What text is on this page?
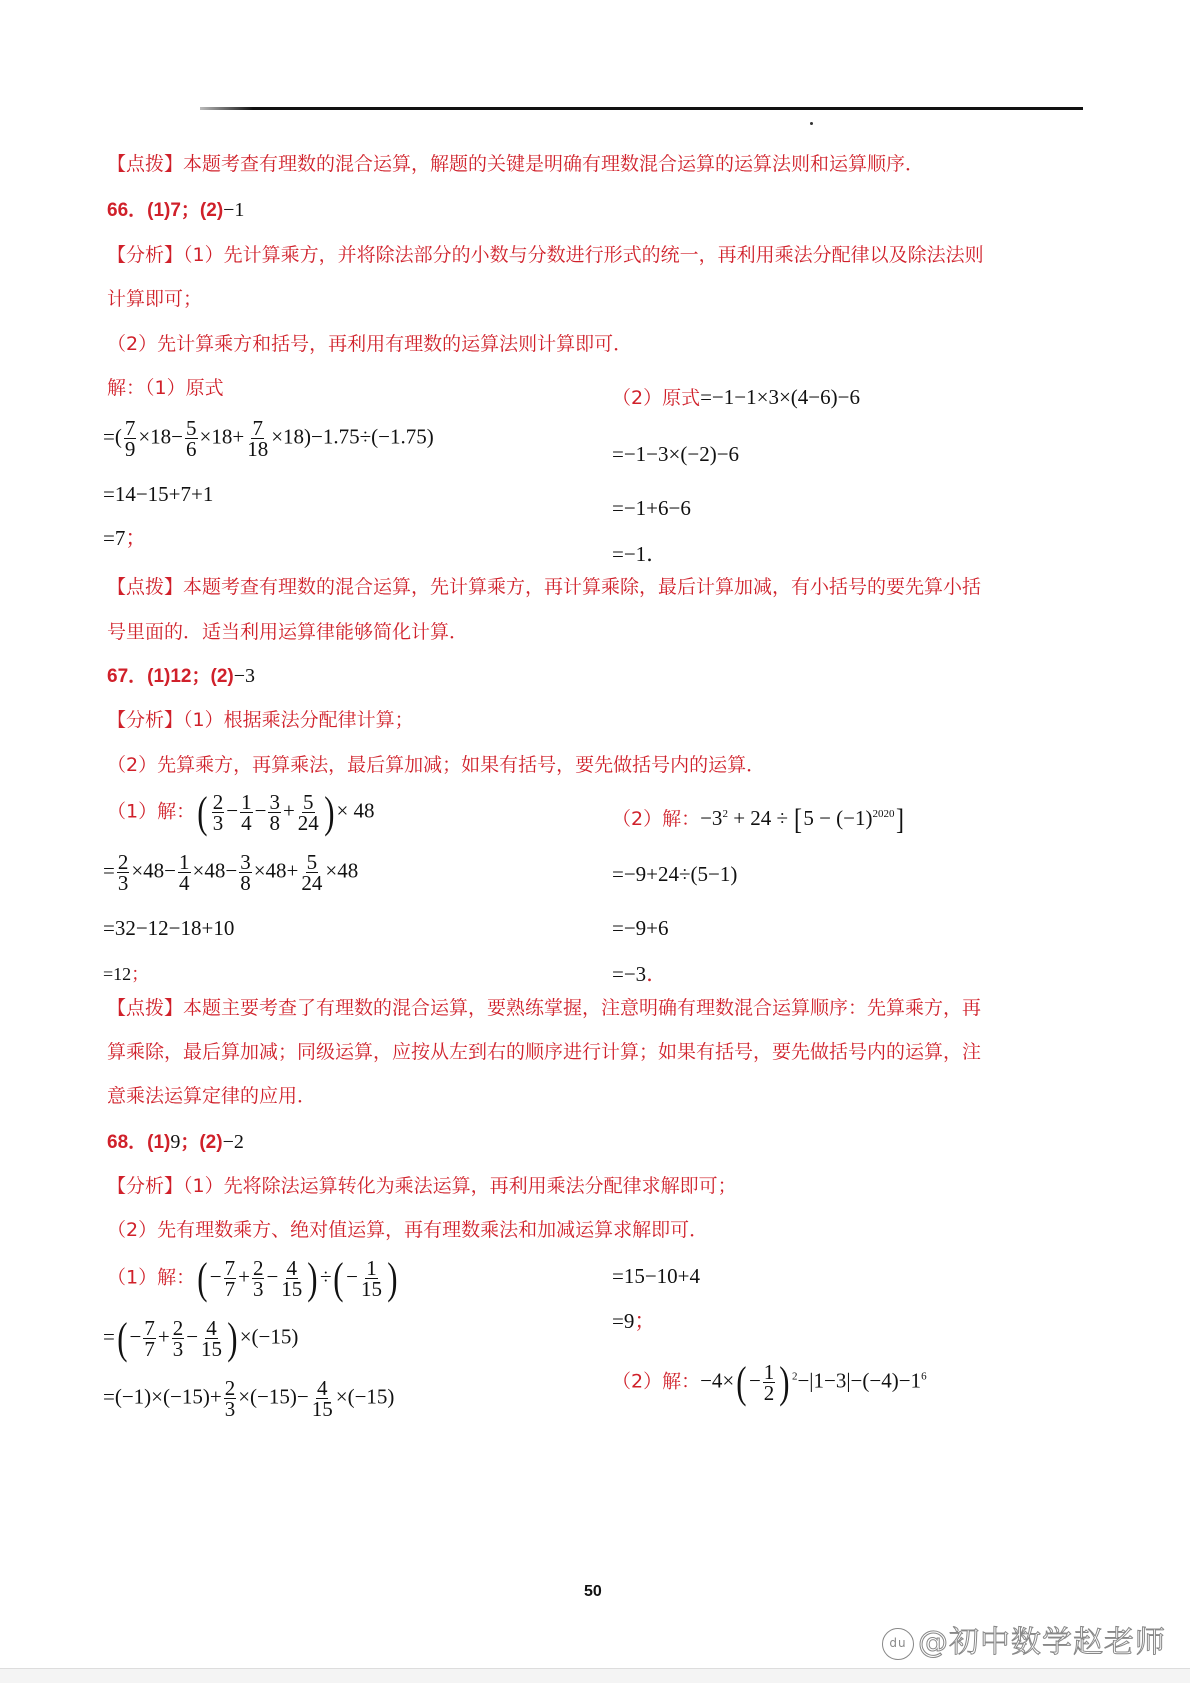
【点拨】本题考查有理数的混合运算，解题的关键是明确有理数混合运算的运算法则和运算顺序．
66．(1)7；(2)−1
【分析】（1）先计算乘方，并将除法部分的小数与分数进行形式的统一，再利用乘法分配律以及除法法则
计算即可；
（2）先计算乘方和括号，再利用有理数的运算法则计算即可．
解：（1）原式
=( $\frac{7}{9} \times 18- \frac{5}{6} \times 18+ \frac{7}{18} \times 18)-1.75\div(-1.75)$
=14−15+7+1
=7；
（2）原式=−1−1×3×(4−6)−6
=−1−3×(−2)−6
=−1+6−6
=−1．
【点拨】本题考查有理数的混合运算，先计算乘方，再计算乘除，最后计算加减，有小括号的要先算小括
号里面的．适当利用运算律能够简化计算．
67．(1)12；(2)−3
【分析】（1）根据乘法分配律计算；
（2）先算乘方，再算乘法，最后算加减；如果有括号，要先做括号内的运算．
（1）解：( $\frac{2}{3} - \frac{1}{4} - \frac{3}{8} + \frac{5}{24}$ ) × 48
= $\frac{2}{3} \times 48- \frac{1}{4} \times 48- \frac{3}{8} \times 48+ \frac{5}{24} \times 48$
=32−12−18+10
=12；
（2）解：$-3^2 + 24 \div [5 - (-1)^{2020}]$
=−9+24÷(5−1)
=−9+6
=−3．
【点拨】本题主要考查了有理数的混合运算，要熟练掌握，注意明确有理数混合运算顺序：先算乘方，再
算乘除，最后算加减；同级运算，应按从左到右的顺序进行计算；如果有括号，要先做括号内的运算，注
意乘法运算定律的应用．
68．(1)9；(2)−2
【分析】（1）先将除法运算转化为乘法运算，再利用乘法分配律求解即可；
（2）先有理数乘方、绝对值运算，再有理数乘法和加减运算求解即可．
（1）解：( − $\frac{7}{7} + \frac{2}{3} - \frac{4}{15}$ ) ÷( − $\frac{1}{15}$ )
=( − $\frac{7}{7} + \frac{2}{3} - \frac{4}{15}$ ) ×(−15)
$=(-1)\times(-15)+ \frac{2}{3} \times(-15)- \frac{4}{15} \times(-15)$
=15−10+4
=9；
（2）解：$-4\times( - \frac{1}{2}$ ) $^2-|1-3|-(-4)-1^6$
50
du @初中数学赵老师
